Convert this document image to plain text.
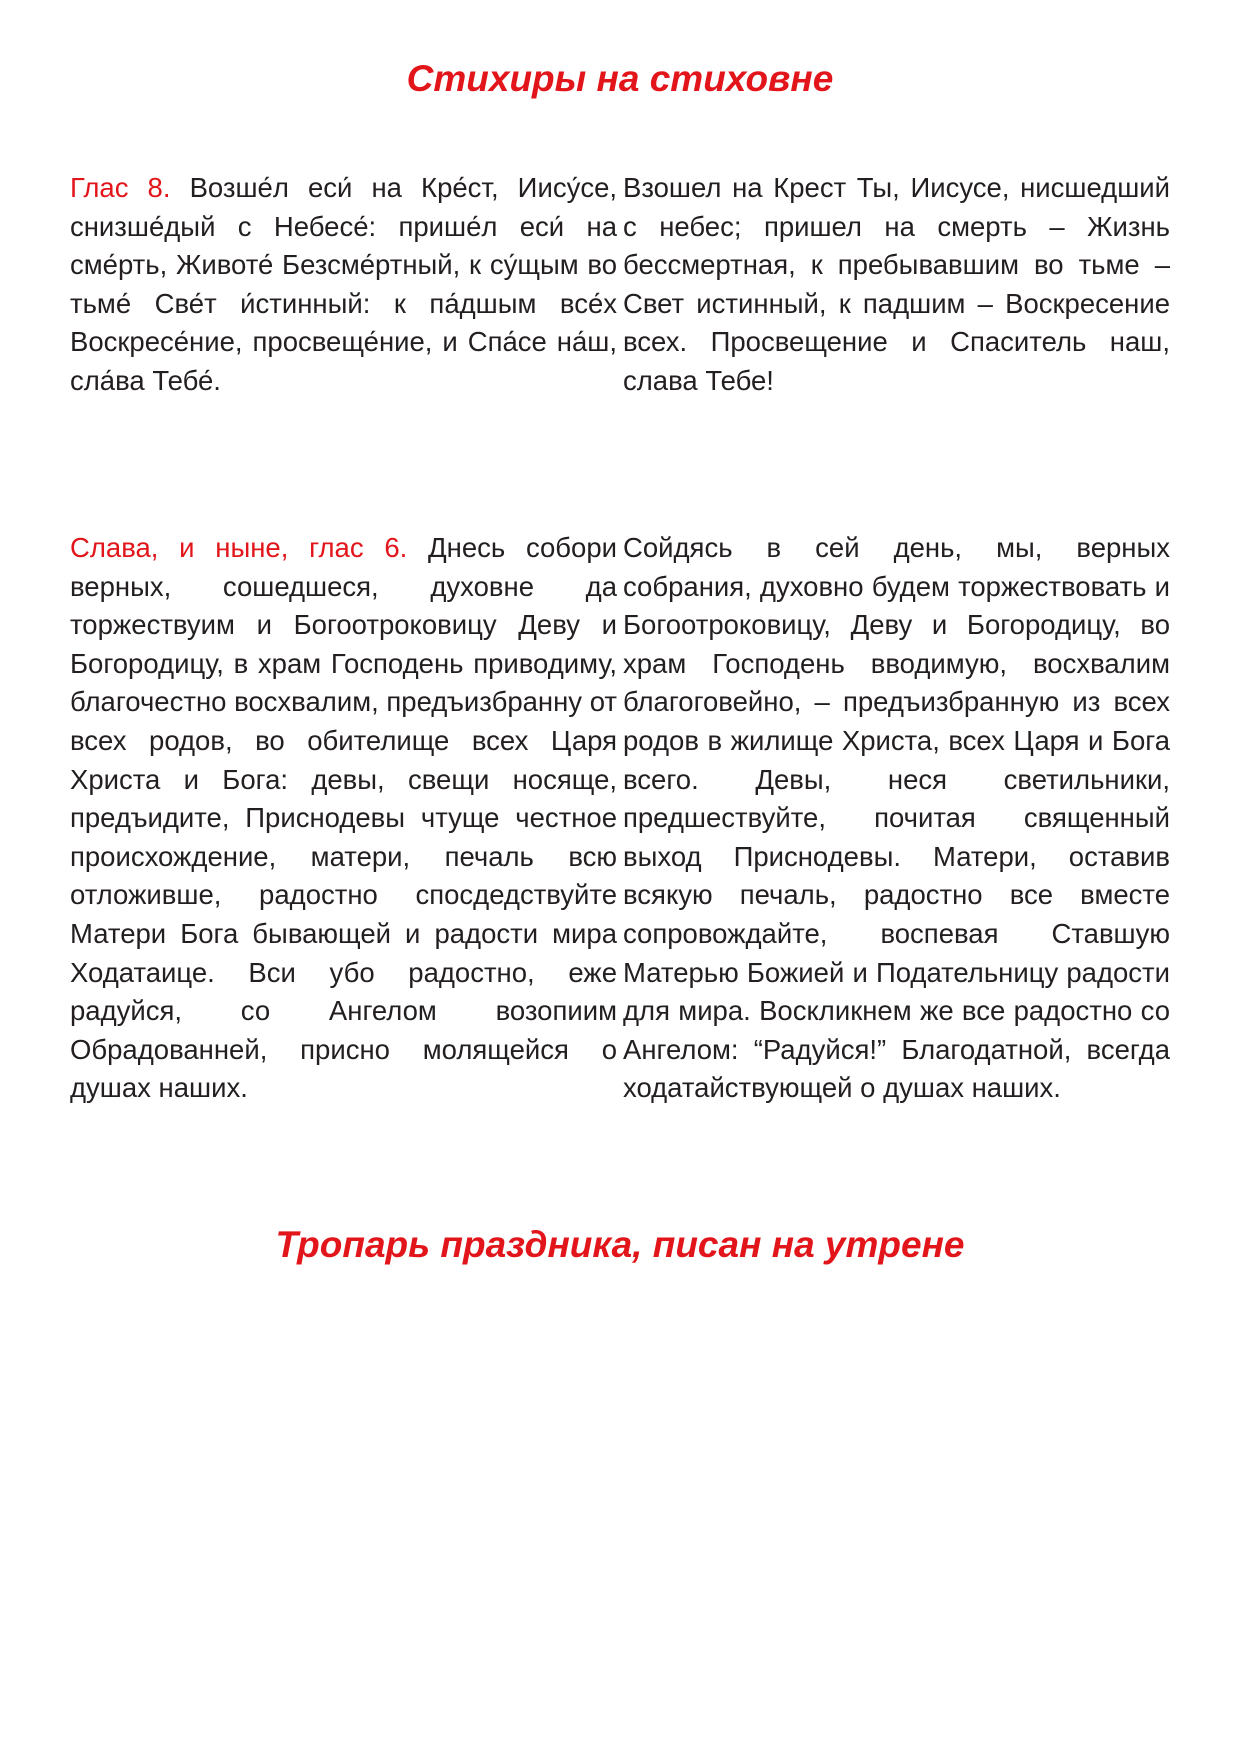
Стихиры на стиховне

Глас 8. Возше́л еси́ на Кре́ст, Иису́се, снизше́дый с Небесе́: прише́л еси́ на сме́рть, Животе́ Безсме́ртный, к су́щым во тьме́ Све́т и́стинный: к па́дшым все́х Воскресе́ние, просвеще́ние, и Спа́се на́ш, сла́ва Тебе́.

Взошел на Крест Ты, Иисусе, нисшедший с небес; пришел на смерть – Жизнь бессмертная, к пребывавшим во тьме – Свет истинный, к падшим – Воскресение всех. Просвещение и Спаситель наш, слава Тебе!

Слава, и ныне, глас 6. Днесь собори верных, сошедшеся, духовне да торжествуим и Богоотроковицу Деву и Богородицу, в храм Господень приводиму, благочестно восхвалим, предъизбранну от всех родов, во обителище всех Царя Христа и Бога: девы, свещи носяще, предъидите, Приснодевы чтуще честное происхождение, матери, печаль всю отложивше, радостно спосдедствуйте Матери Бога бывающей и радости мира Ходатаице. Вси убо радостно, еже радуйся, со Ангелом возопиим Обрадованней, присно молящейся о душах наших.

Сойдясь в сей день, мы, верных собрания, духовно будем торжествовать и Богоотроковицу, Деву и Богородицу, во храм Господень вводимую, восхвалим благоговейно, – предъизбранную из всех родов в жилище Христа, всех Царя и Бога всего. Девы, неся светильники, предшествуйте, почитая священный выход Приснодевы. Матери, оставив всякую печаль, радостно все вместе сопровождайте, воспевая Ставшую Матерью Божией и Подательницу радости для мира. Воскликнем же все радостно со Ангелом: “Радуйся!” Благодатной, всегда ходатайствующей о душах наших.

Тропарь праздника, писан на утрене
